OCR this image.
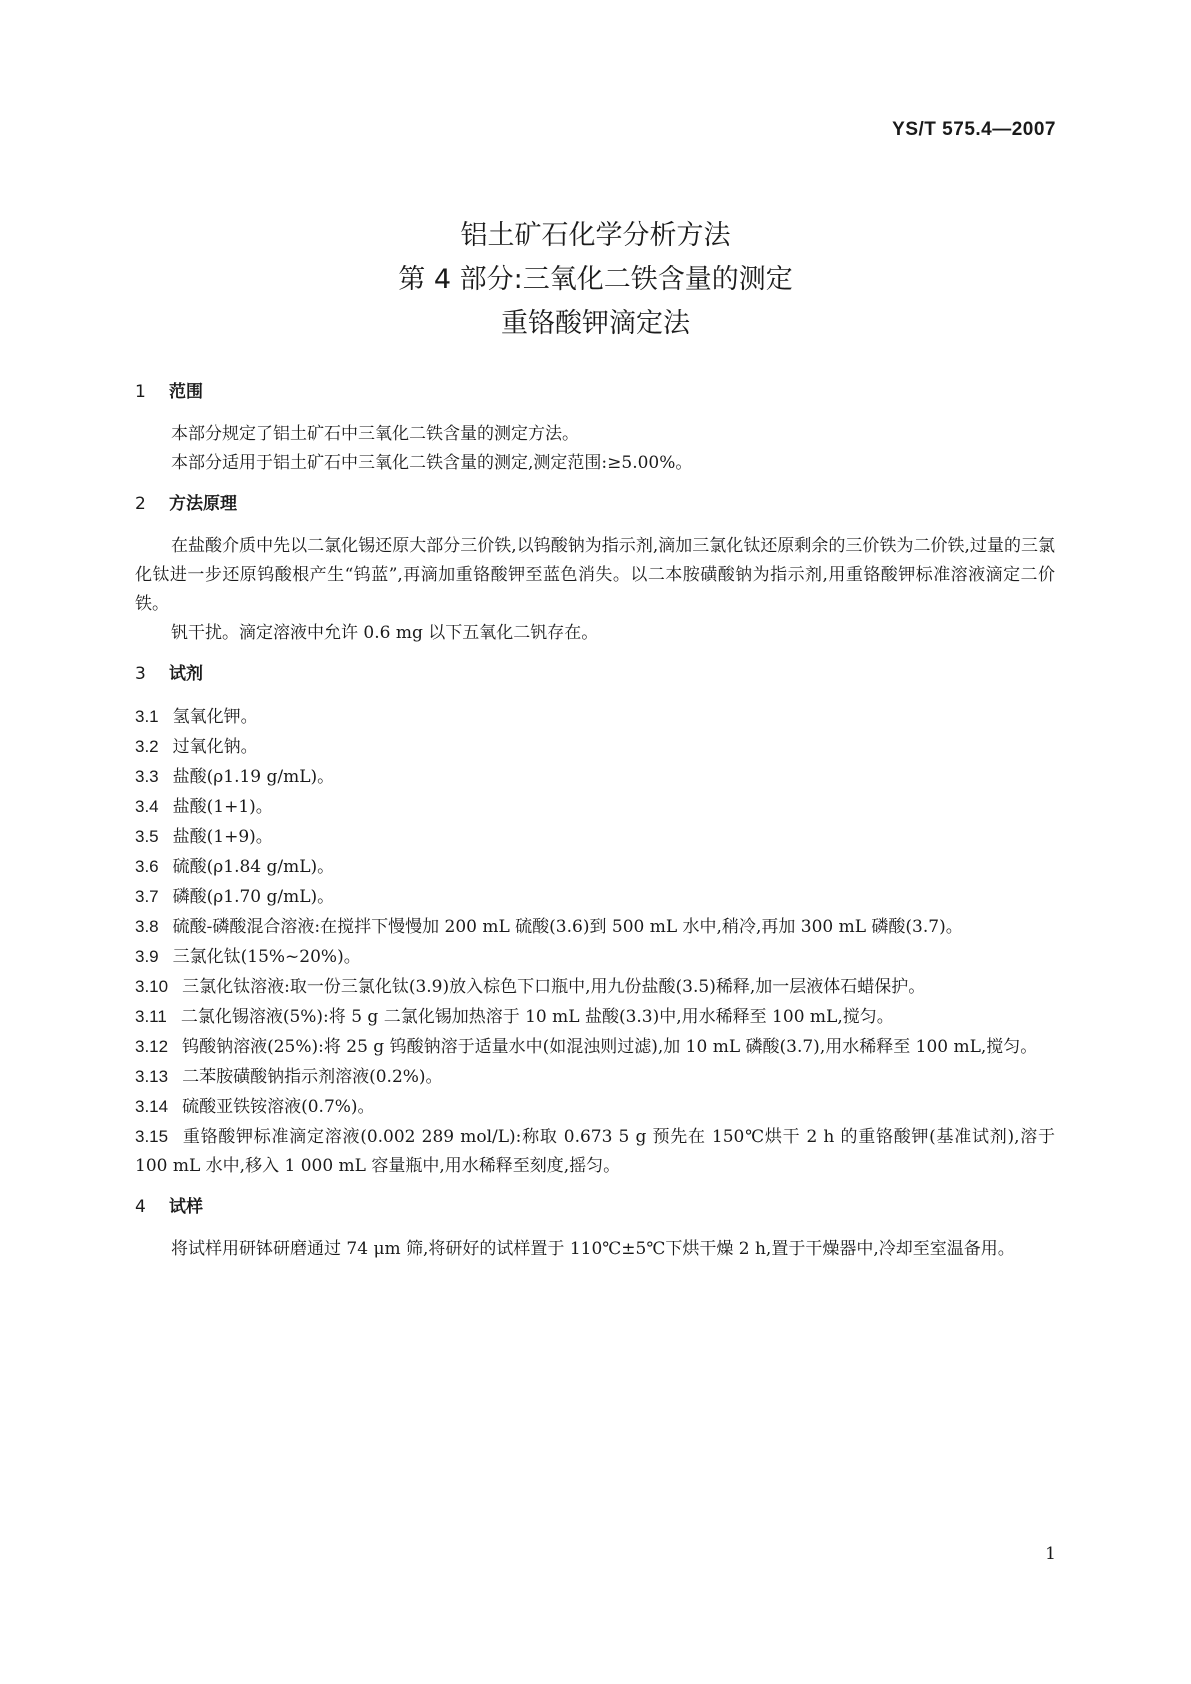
YS/T 575.4—2007
铝土矿石化学分析方法
第 4 部分:三氧化二铁含量的测定
重铬酸钾滴定法
1 范围

本部分规定了铝土矿石中三氧化二铁含量的测定方法。

本部分适用于铝土矿石中三氧化二铁含量的测定,测定范围:≥5.00%。

2 方法原理

在盐酸介质中先以二氯化锡还原大部分三价铁,以钨酸钠为指示剂,滴加三氯化钛还原剩余的三价铁为二价铁,过量的三氯化钛进一步还原钨酸根产生“钨蓝”,再滴加重铬酸钾至蓝色消失。以二本胺磺酸钠为指示剂,用重铬酸钾标准溶液滴定二价铁。

钒干扰。滴定溶液中允许 0.6 mg 以下五氧化二钒存在。

3 试剂
3.1 氢氧化钾。
3.2 过氧化钠。
3.3 盐酸(ρ1.19 g/mL)。
3.4 盐酸(1+1)。
3.5 盐酸(1+9)。
3.6 硫酸(ρ1.84 g/mL)。
3.7 磷酸(ρ1.70 g/mL)。
3.8 硫酸-磷酸混合溶液:在搅拌下慢慢加 200 mL 硫酸(3.6)到 500 mL 水中,稍冷,再加 300 mL 磷酸(3.7)。
3.9 三氯化钛(15%~20%)。
3.10 三氯化钛溶液:取一份三氯化钛(3.9)放入棕色下口瓶中,用九份盐酸(3.5)稀释,加一层液体石蜡保护。
3.11 二氯化锡溶液(5%):将 5 g 二氯化锡加热溶于 10 mL 盐酸(3.3)中,用水稀释至 100 mL,搅匀。
3.12 钨酸钠溶液(25%):将 25 g 钨酸钠溶于适量水中(如混浊则过滤),加 10 mL 磷酸(3.7),用水稀释至 100 mL,搅匀。
3.13 二苯胺磺酸钠指示剂溶液(0.2%)。
3.14 硫酸亚铁铵溶液(0.7%)。
3.15 重铬酸钾标准滴定溶液(0.002 289 mol/L):称取 0.673 5 g 预先在 150℃烘干 2 h 的重铬酸钾(基准试剂),溶于 100 mL 水中,移入 1 000 mL 容量瓶中,用水稀释至刻度,摇匀。
4 试样

将试样用研钵研磨通过 74 μm 筛,将研好的试样置于 110℃±5℃下烘干燥 2 h,置于干燥器中,冷却至室温备用。

1
